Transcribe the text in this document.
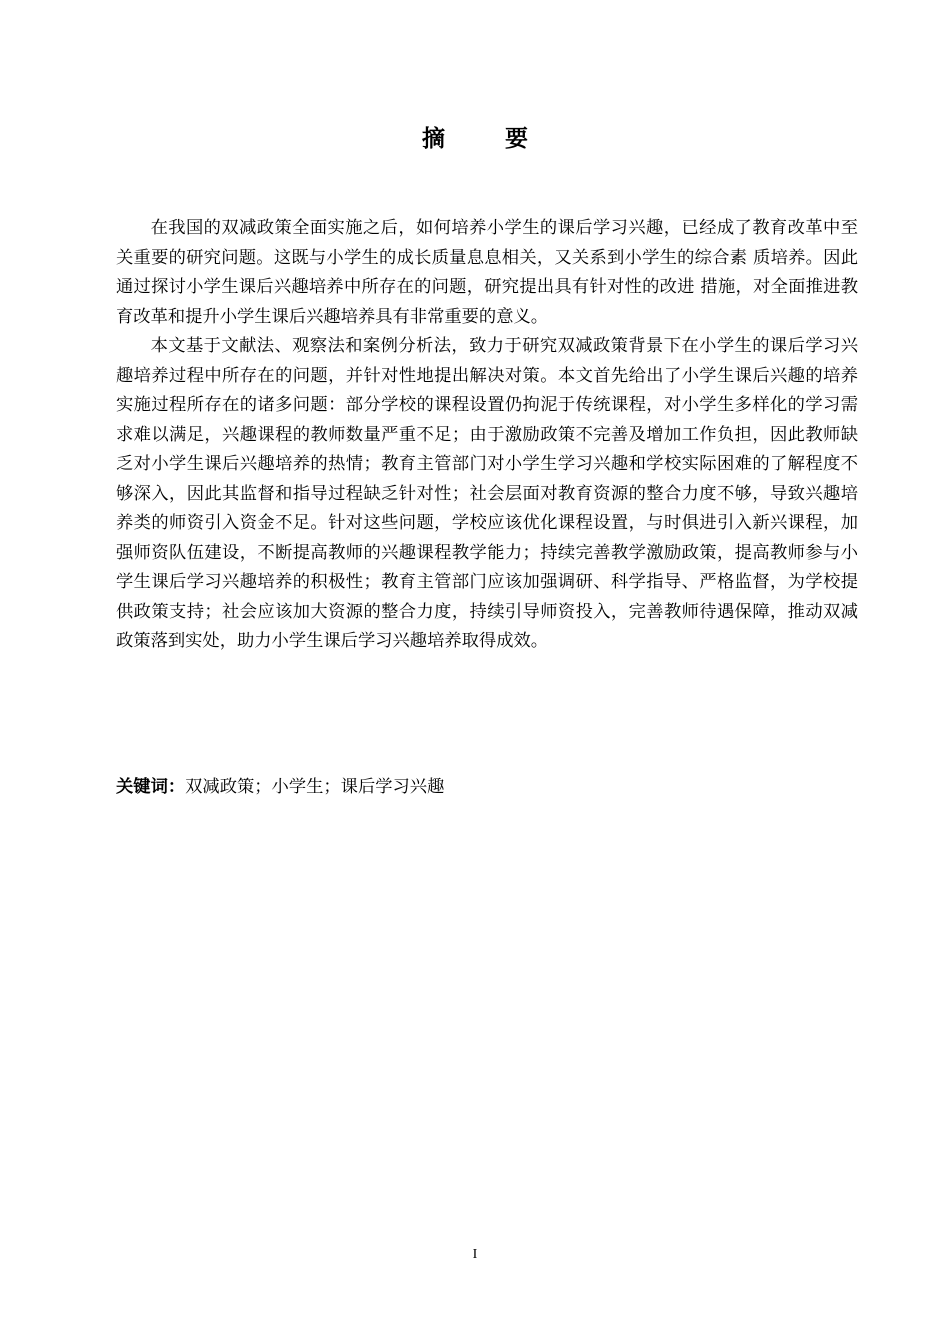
摘 要

在我国的双减政策全面实施之后，如何培养小学生的课后学习兴趣，已经成了教育改革中至关重要的研究问题。这既与小学生的成长质量息息相关，又关系到小学生的综合素 质培养。因此通过探讨小学生课后兴趣培养中所存在的问题，研究提出具有针对性的改进 措施，对全面推进教育改革和提升小学生课后兴趣培养具有非常重要的意义。

本文基于文献法、观察法和案例分析法，致力于研究双减政策背景下在小学生的课后学习兴趣培养过程中所存在的问题，并针对性地提出解决对策。本文首先给出了小学生课后兴趣的培养实施过程所存在的诸多问题：部分学校的课程设置仍拘泥于传统课程，对小学生多样化的学习需求难以满足，兴趣课程的教师数量严重不足；由于激励政策不完善及增加工作负担，因此教师缺乏对小学生课后兴趣培养的热情；教育主管部门对小学生学习兴趣和学校实际困难的了解程度不够深入，因此其监督和指导过程缺乏针对性；社会层面对教育资源的整合力度不够，导致兴趣培养类的师资引入资金不足。针对这些问题，学校应该优化课程设置，与时俱进引入新兴课程，加强师资队伍建设，不断提高教师的兴趣课程教学能力；持续完善教学激励政策，提高教师参与小学生课后学习兴趣培养的积极性；教育主管部门应该加强调研、科学指导、严格监督，为学校提供政策支持；社会应该加大资源的整合力度，持续引导师资投入，完善教师待遇保障，推动双减政策落到实处，助力小学生课后学习兴趣培养取得成效。

关键词：双减政策；小学生；课后学习兴趣
I
